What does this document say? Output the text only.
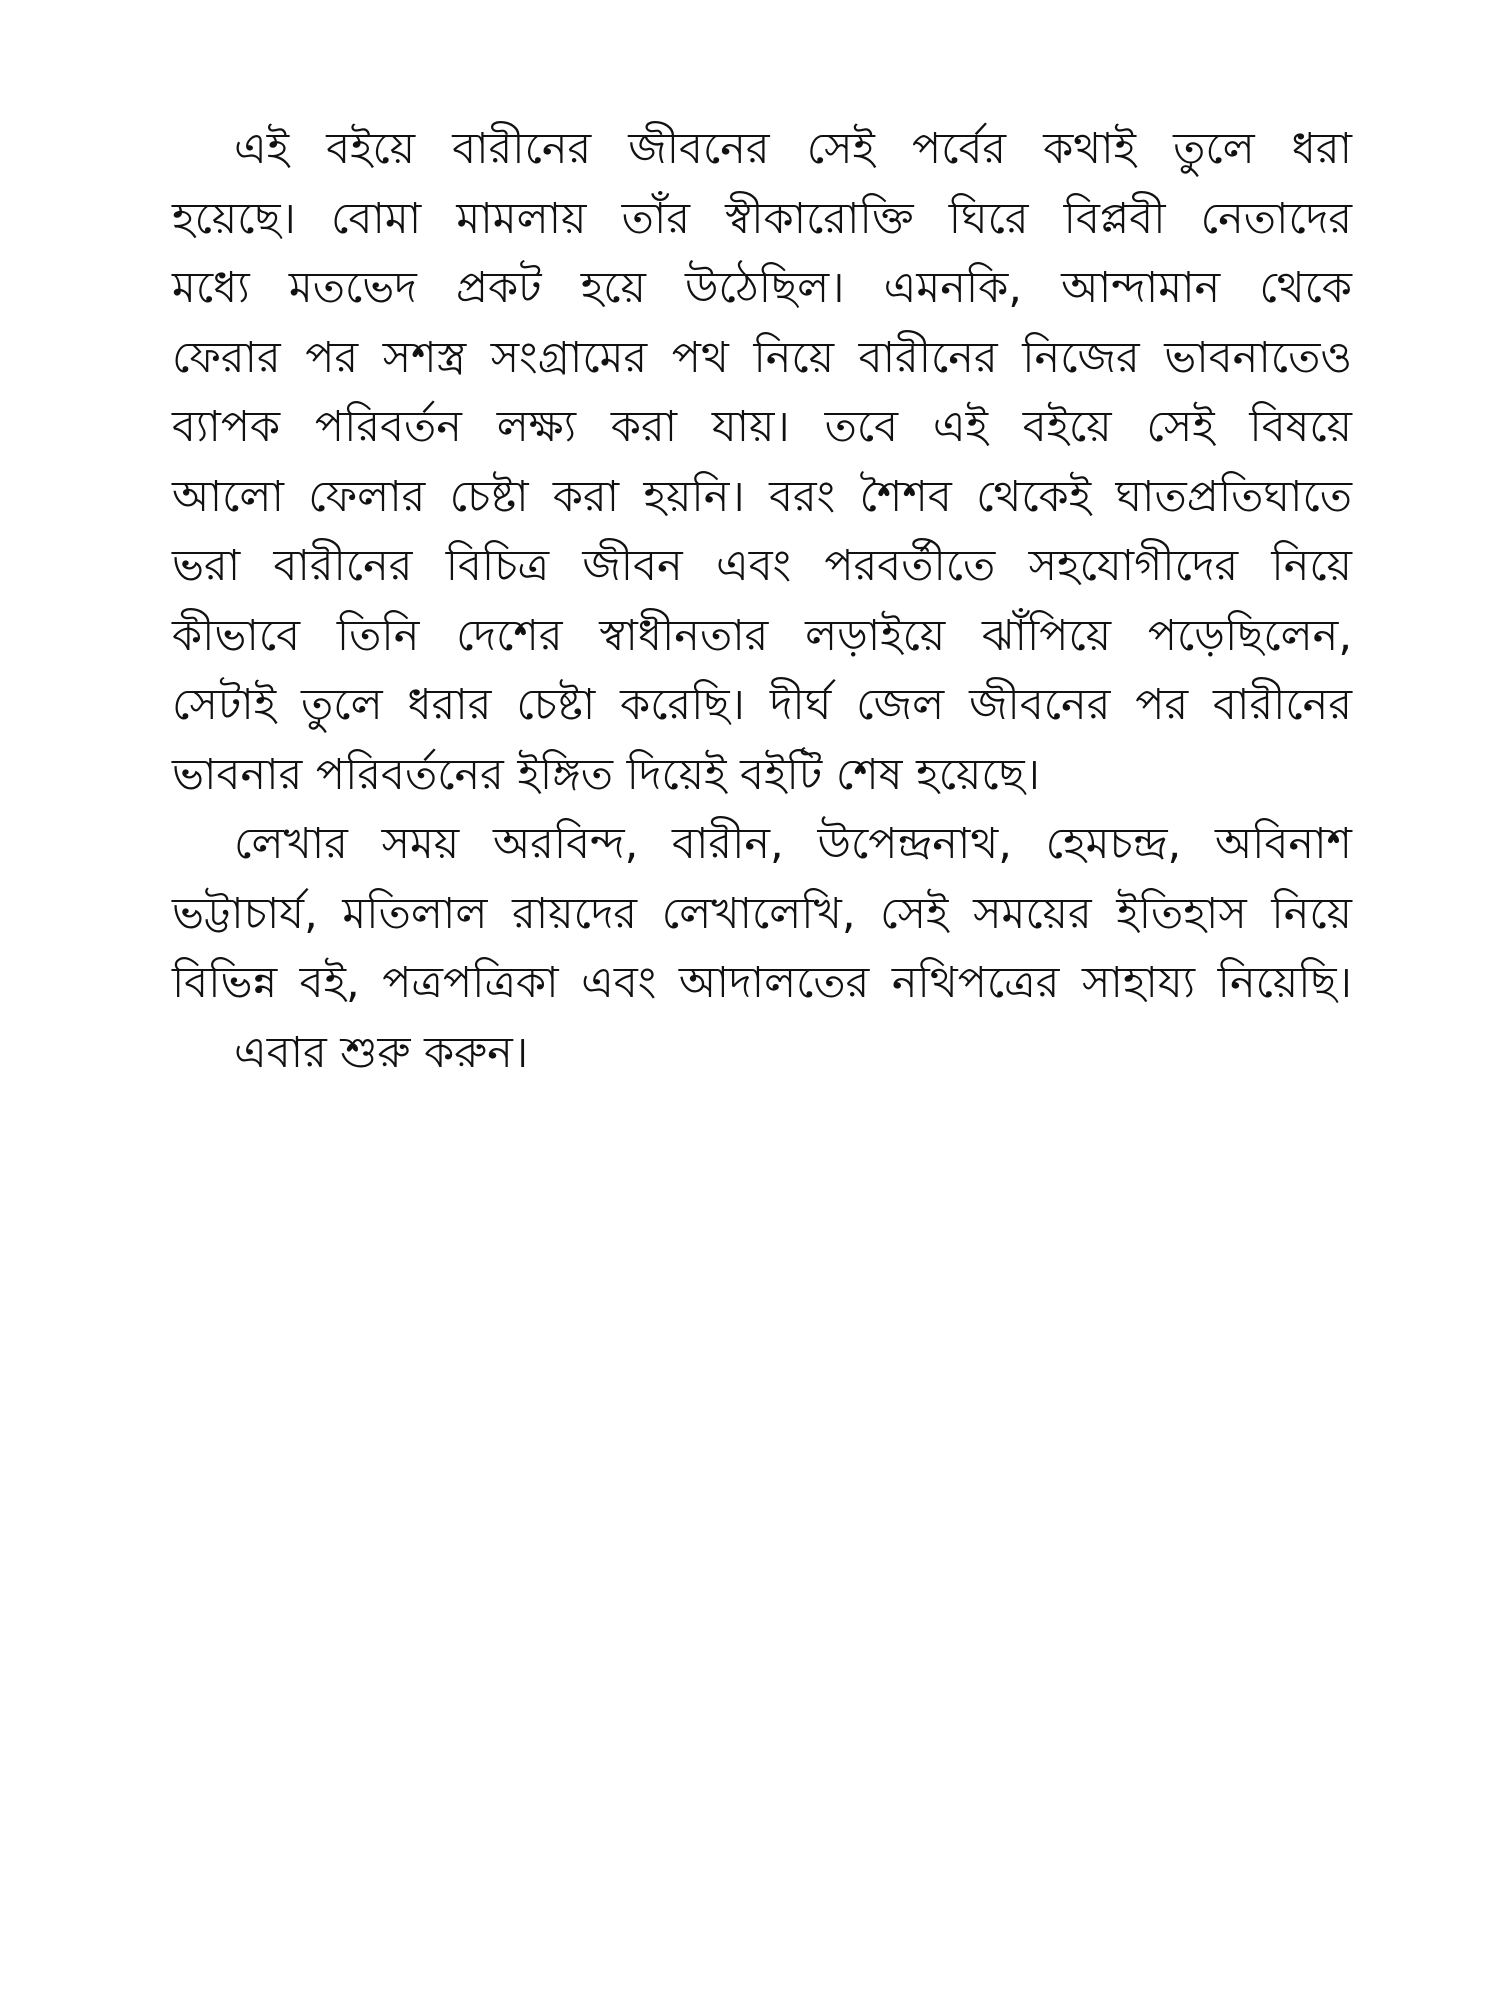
এই বইয়ে বারীনের জীবনের সেই পর্বের কথাই তুলে ধরা
হয়েছে। বোমা মামলায় তাঁর স্বীকারোক্তি ঘিরে বিপ্লবী নেতাদের
মধ্যে মতভেদ প্রকট হয়ে উঠেছিল। এমনকি, আন্দামান থেকে
ফেরার পর সশস্ত্র সংগ্রামের পথ নিয়ে বারীনের নিজের ভাবনাতেও
ব্যাপক পরিবর্তন লক্ষ্য করা যায়। তবে এই বইয়ে সেই বিষয়ে
আলো ফেলার চেষ্টা করা হয়নি। বরং শৈশব থেকেই ঘাতপ্রতিঘাতে
ভরা বারীনের বিচিত্র জীবন এবং পরবর্তীতে সহযোগীদের নিয়ে
কীভাবে তিনি দেশের স্বাধীনতার লড়াইয়ে ঝাঁপিয়ে পড়েছিলেন,
সেটাই তুলে ধরার চেষ্টা করেছি। দীর্ঘ জেল জীবনের পর বারীনের
ভাবনার পরিবর্তনের ইঙ্গিত দিয়েই বইটি শেষ হয়েছে।
লেখার সময় অরবিন্দ, বারীন, উপেন্দ্রনাথ, হেমচন্দ্র, অবিনাশ
ভট্টাচার্য, মতিলাল রায়দের লেখালেখি, সেই সময়ের ইতিহাস নিয়ে
বিভিন্ন বই, পত্রপত্রিকা এবং আদালতের নথিপত্রের সাহায্য নিয়েছি।
এবার শুরু করুন।
